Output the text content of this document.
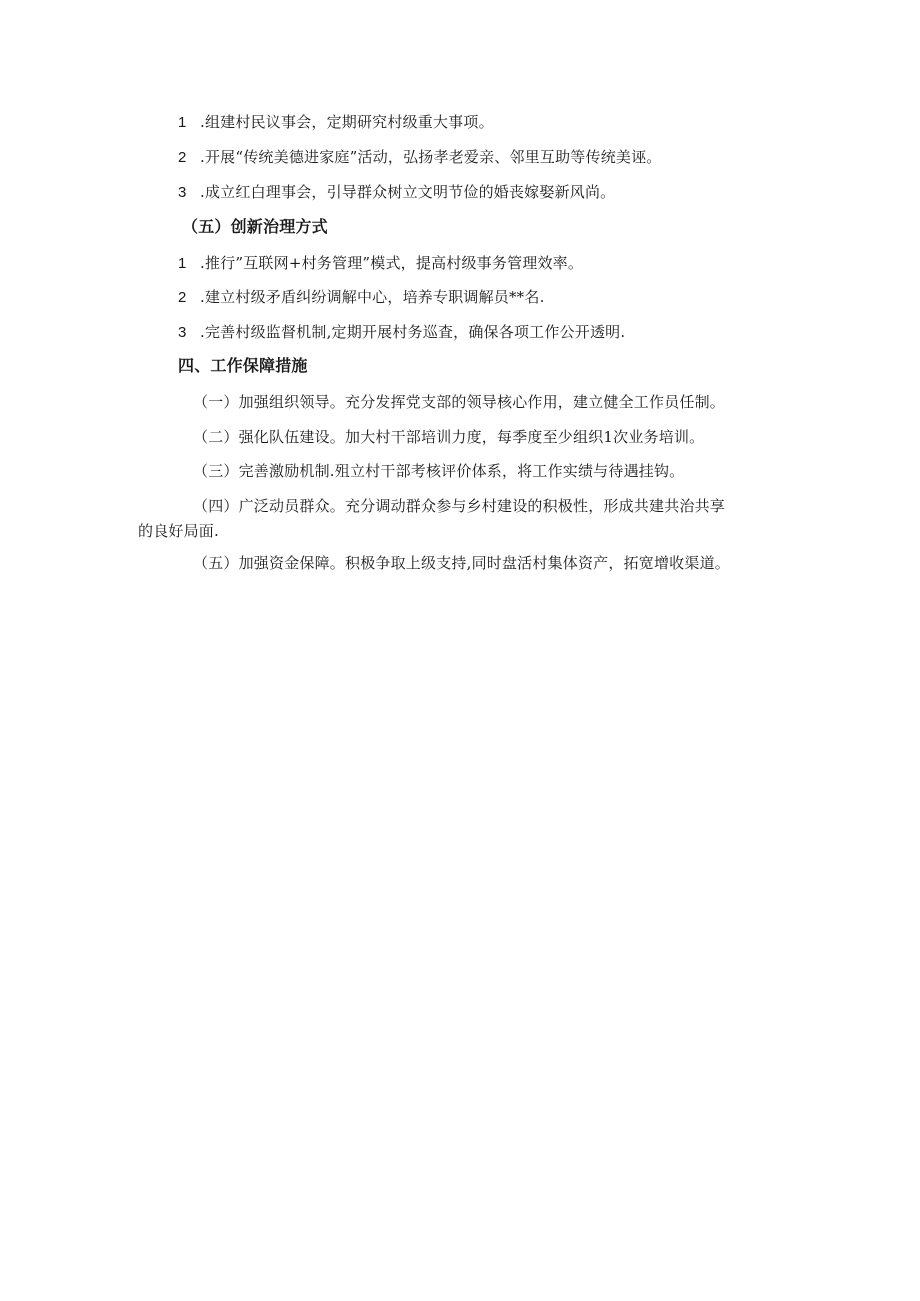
1 .组建村民议事会，定期研究村级重大事项。

2 .开展“传统美德进家庭”活动，弘扬孝老爱亲、邻里互助等传统美诬。

3 .成立红白理事会，引导群众树立文明节俭的婚丧嫁娶新风尚。

（五）创新治理方式

1 .推行”互联网+村务管理”模式，提高村级事务管理效率。

2 .建立村级矛盾纠纷调解中心，培养专职调解员**名.

3 .完善村级监督机制,定期开展村务巡査，确保各项工作公开透明.

四、工作保障措施

（一）加强组织领导。充分发挥党支部的领导核心作用，建立健全工作员任制。

（二）强化队伍建设。加大村干部培训力度，每季度至少组织1次业务培训。

（三）完善激励机制.殂立村干部考核评价体系，将工作实绩与待遇挂钩。

（四）广泛动员群众。充分调动群众参与乡村建设的积极性，形成共建共治共享

的良好局面.

（五）加强资金保障。积极争取上级支持,同时盘活村集体资产，拓宽增收渠道。
